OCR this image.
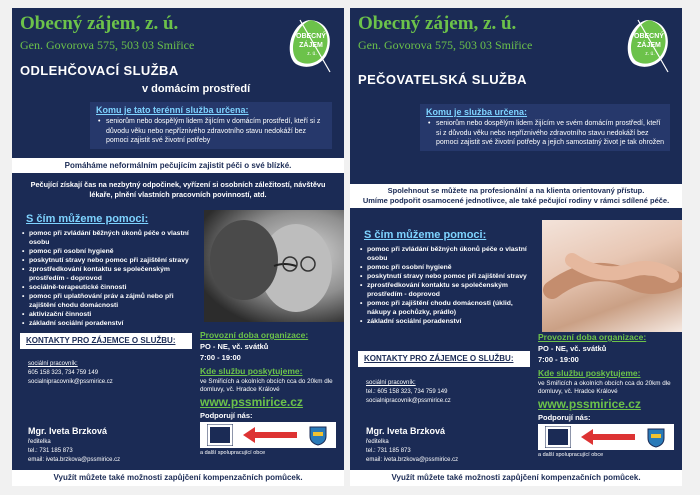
Obecný zájem, z. ú.
Gen. Govorova 575, 503 03 Smiřice
ODLEHČOVACÍ SLUŽBA
v domácím prostředí
OBECNÝ
ZÁJEM
z. ú.
Komu je tato terénní služba určena:
• seniorům nebo dospělým lidem žijícím v domácím prostředí, kteří si z důvodu věku nebo nepříznivého zdravotního stavu nedokáží bez pomoci zajistit své životní potřeby
Pomáháme neformálním pečujícím zajistit péči o své blízké.
Pečující získají čas na nezbytný odpočinek, vyřízení si osobních záležitostí, návštěvu lékaře, plnění vlastních pracovních povinností, atd.
S čím můžeme pomoci:
• pomoc při zvládání běžných úkonů péče o vlastní osobu
• pomoc při osobní hygieně
• poskytnutí stravy nebo pomoc při zajištění stravy
• zprostředkování kontaktu se společenským prostředím - doprovod
• sociálně-terapeutické činnosti
• pomoc při uplatňování práv a zájmů nebo při zajištění chodu domácnosti
• aktivizační činnosti
• základní sociální poradenství
Provozní doba organizace:
PO - NE, vč. svátků
7:00 - 19:00
Kde službu poskytujeme:
ve Smiřicích a okolních obcích cca do 20km dle domluvy, vč. Hradce Králové
www.pssmirice.cz
Podporují nás:
a další spolupracující obce
KONTAKTY PRO ZÁJEMCE O SLUŽBU:
sociální pracovník:
605 158 323, 734 759 149
socialnipracovnik@pssmirice.cz
Mgr. Iveta Brzková
ředitelka
tel.: 731 185 873
email: iveta.brzkova@pssmirice.cz
Využít můžete také možnosti zapůjčení kompenzačních pomůcek.
Obecný zájem, z. ú.
Gen. Govorova 575, 503 03 Smiřice
PEČOVATELSKÁ SLUŽBA
OBECNÝ
ZÁJEM
z. ú.
Komu je služba určena:
• seniorům nebo dospělým lidem žijícím ve svém domácím prostředí, kteří si z důvodu věku nebo nepříznivého zdravotního stavu nedokáží bez pomoci zajistit své životní potřeby a jejich samostatný život je tak ohrožen
Spolehnout se můžete na profesionální a na klienta orientovaný přístup.
Umíme podpořit osamocené jednotlivce, ale také pečující rodiny v rámci sdílené péče.
S čím můžeme pomoci:
• pomoc při zvládání běžných úkonů péče o vlastní osobu
• pomoc při osobní hygieně
• poskytnutí stravy nebo pomoc při zajištění stravy
• zprostředkování kontaktu se společenským prostředím - doprovod
• pomoc při zajištění chodu domácnosti (úklid, nákupy a pochůzky, prádlo)
• základní sociální poradenství
Provozní doba organizace:
PO - NE, vč. svátků
7:00 - 19:00
Kde službu poskytujeme:
ve Smiřicích a okolních obcích cca do 20km dle domluvy, vč. Hradce Králové
www.pssmirice.cz
Podporují nás:
a další spolupracující obce
KONTAKTY PRO ZÁJEMCE O SLUŽBU:
sociální pracovník:
tel.: 605 158 323, 734 759 149
socialnipracovnik@pssmirice.cz
Mgr. Iveta Brzková
ředitelka
tel.: 731 185 873
email: iveta.brzkova@pssmirice.cz
Využít můžete také možnosti zapůjčení kompenzačních pomůcek.
